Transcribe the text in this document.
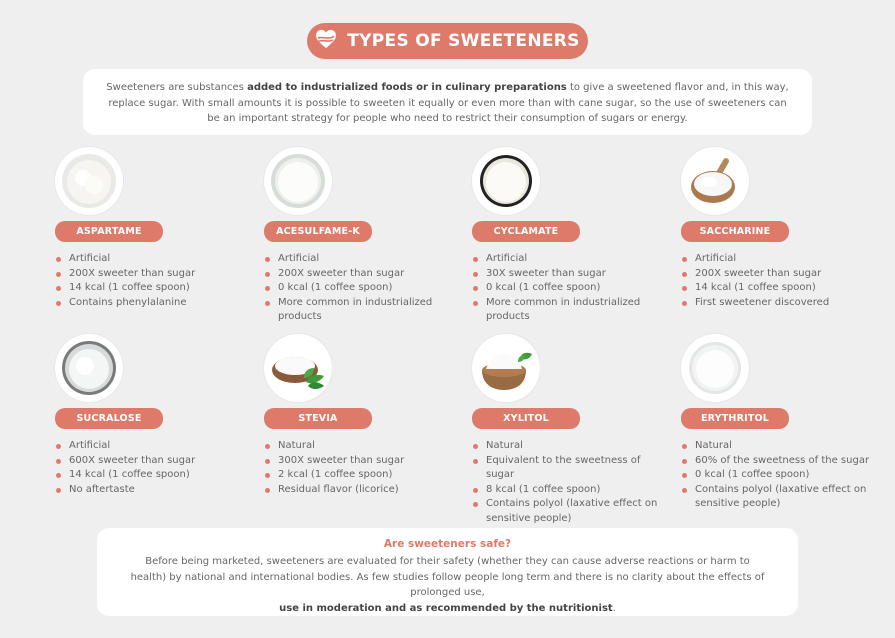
TYPES OF SWEETENERS
Sweeteners are substances added to industrialized foods or in culinary preparations to give a sweetened flavor and, in this way, replace sugar. With small amounts it is possible to sweeten it equally or even more than with cane sugar, so the use of sweeteners can be an important strategy for people who need to restrict their consumption of sugars or energy.
ASPARTAME
Artificial
200X sweeter than sugar
14 kcal (1 coffee spoon)
Contains phenylalanine
ACESULFAME-K
Artificial
200X sweeter than sugar
0 kcal (1 coffee spoon)
More common in industrialized products
CYCLAMATE
Artificial
30X sweeter than sugar
0 kcal (1 coffee spoon)
More common in industrialized products
SACCHARINE
Artificial
200X sweeter than sugar
14 kcal (1 coffee spoon)
First sweetener discovered
SUCRALOSE
Artificial
600X sweeter than sugar
14 kcal (1 coffee spoon)
No aftertaste
STEVIA
Natural
300X sweeter than sugar
2 kcal (1 coffee spoon)
Residual flavor (licorice)
XYLITOL
Natural
Equivalent to the sweetness of sugar
8 kcal (1 coffee spoon)
Contains polyol (laxative effect on sensitive people)
ERYTHRITOL
Natural
60% of the sweetness of the sugar
0 kcal (1 coffee spoon)
Contains polyol (laxative effect on sensitive people)
Are sweeteners safe?
Before being marketed, sweeteners are evaluated for their safety (whether they can cause adverse reactions or harm to health) by national and international bodies. As few studies follow people long term and there is no clarity about the effects of prolonged use,
use in moderation and as recommended by the nutritionist.
